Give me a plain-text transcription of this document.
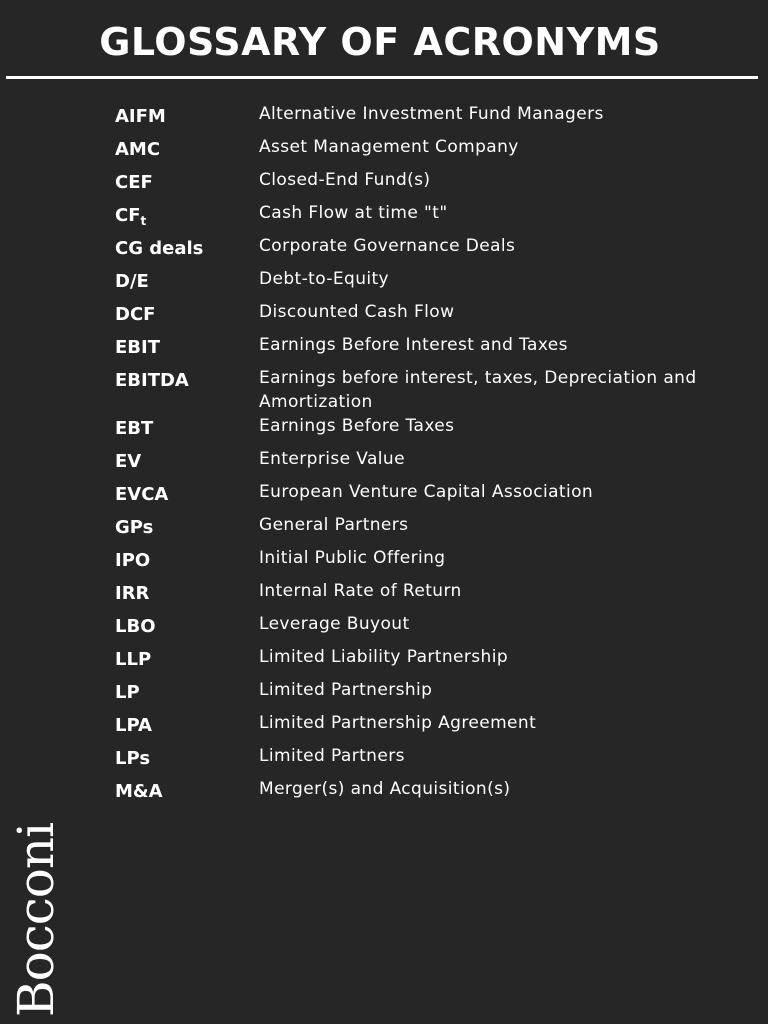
GLOSSARY OF ACRONYMS
AIFM	Alternative Investment Fund Managers
AMC	Asset Management Company
CEF	Closed-End Fund(s)
$CF_t$	Cash Flow at time "t"
CG deals	Corporate Governance Deals
D/E	Debt-to-Equity
DCF	Discounted Cash Flow
EBIT	Earnings Before Interest and Taxes
EBITDA	Earnings before interest, taxes, Depreciation and Amortization
EBT	Earnings Before Taxes
EV	Enterprise Value
EVCA	European Venture Capital Association
GPs	General Partners
IPO	Initial Public Offering
IRR	Internal Rate of Return
LBO	Leverage Buyout
LLP	Limited Liability Partnership
LP	Limited Partnership
LPA	Limited Partnership Agreement
LPs	Limited Partners
M&A	Merger(s) and Acquisition(s)
Bocconi
